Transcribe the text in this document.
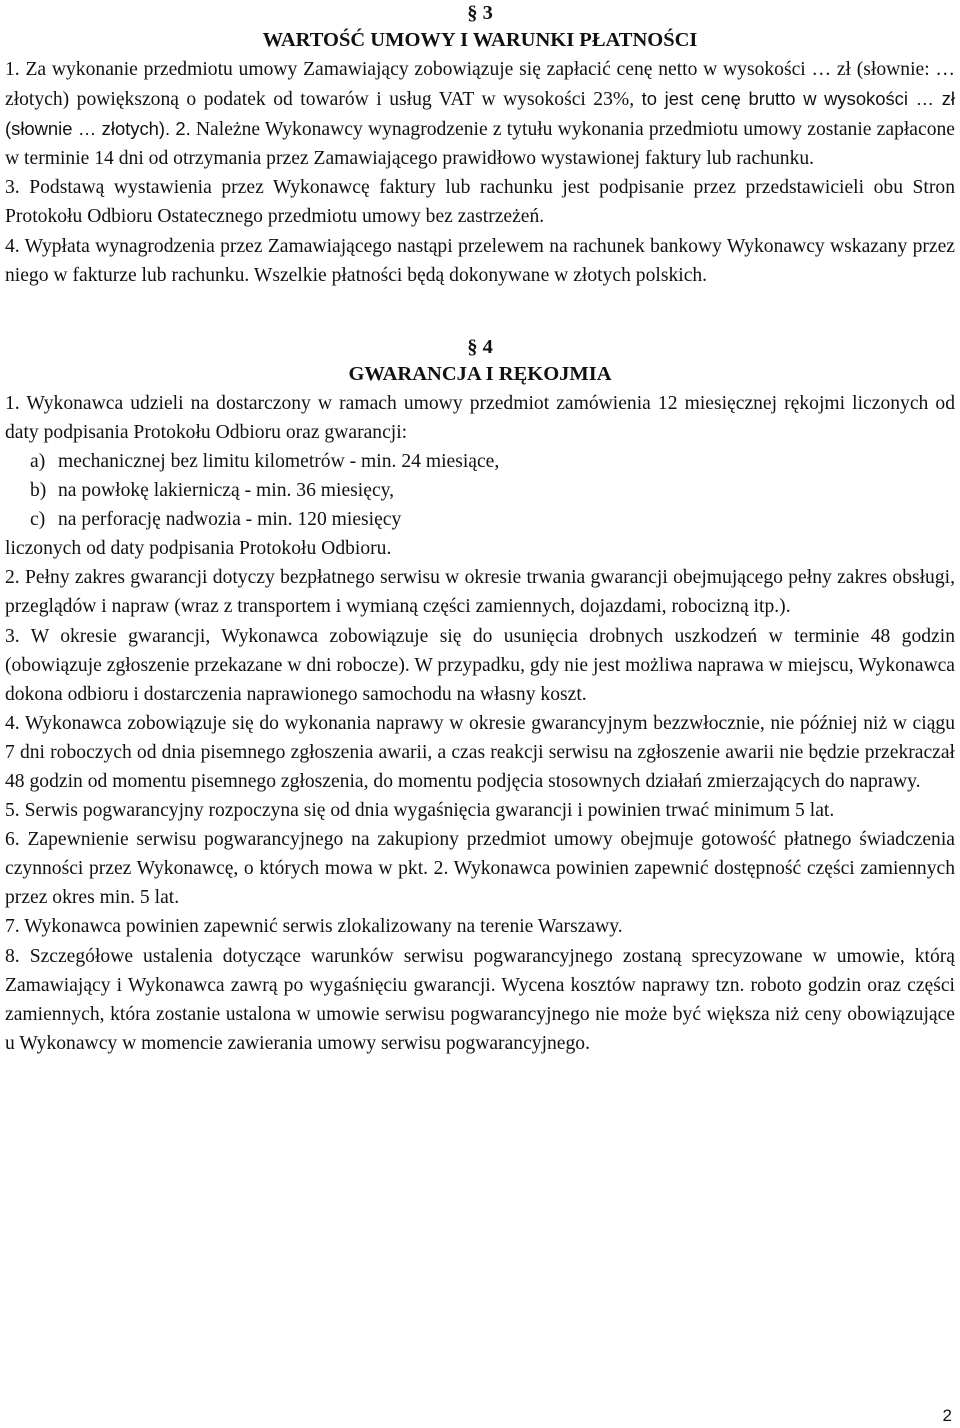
§ 3
WARTOŚĆ UMOWY I WARUNKI PŁATNOŚCI

1. Za wykonanie przedmiotu umowy Zamawiający zobowiązuje się zapłacić cenę netto w wysokości … zł (słownie: … złotych) powiększoną o podatek od towarów i usług VAT w wysokości 23%, to jest cenę brutto w wysokości … zł (słownie … złotych). 2. Należne Wykonawcy wynagrodzenie z tytułu wykonania przedmiotu umowy zostanie zapłacone w terminie 14 dni od otrzymania przez Zamawiającego prawidłowo wystawionej faktury lub rachunku.

3. Podstawą wystawienia przez Wykonawcę faktury lub rachunku jest podpisanie przez przedstawicieli obu Stron Protokołu Odbioru Ostatecznego przedmiotu umowy bez zastrzeżeń.

4. Wypłata wynagrodzenia przez Zamawiającego nastąpi przelewem na rachunek bankowy Wykonawcy wskazany przez niego w fakturze lub rachunku. Wszelkie płatności będą dokonywane w złotych polskich.

§ 4
GWARANCJA I RĘKOJMIA

1. Wykonawca udzieli na dostarczony w ramach umowy przedmiot zamówienia 12 miesięcznej rękojmi liczonych od daty podpisania Protokołu Odbioru oraz gwarancji:

a) mechanicznej bez limitu kilometrów - min. 24 miesiące,
b) na powłokę lakierniczą - min. 36 miesięcy,
c) na perforację nadwozia - min. 120 miesięcy

liczonych od daty podpisania Protokołu Odbioru.

2. Pełny zakres gwarancji dotyczy bezpłatnego serwisu w okresie trwania gwarancji obejmującego pełny zakres obsługi, przeglądów i napraw (wraz z transportem i wymianą części zamiennych, dojazdami, robocizną itp.).

3. W okresie gwarancji, Wykonawca zobowiązuje się do usunięcia drobnych uszkodzeń w terminie 48 godzin (obowiązuje zgłoszenie przekazane w dni robocze). W przypadku, gdy nie jest możliwa naprawa w miejscu, Wykonawca dokona odbioru i dostarczenia naprawionego samochodu na własny koszt.

4. Wykonawca zobowiązuje się do wykonania naprawy w okresie gwarancyjnym bezzwłocznie, nie później niż w ciągu 7 dni roboczych od dnia pisemnego zgłoszenia awarii, a czas reakcji serwisu na zgłoszenie awarii nie będzie przekraczał 48 godzin od momentu pisemnego zgłoszenia, do momentu podjęcia stosownych działań zmierzających do naprawy.

5. Serwis pogwarancyjny rozpoczyna się od dnia wygaśnięcia gwarancji i powinien trwać minimum 5 lat.

6. Zapewnienie serwisu pogwarancyjnego na zakupiony przedmiot umowy obejmuje gotowość płatnego świadczenia czynności przez Wykonawcę, o których mowa w pkt. 2. Wykonawca powinien zapewnić dostępność części zamiennych przez okres min. 5 lat.

7. Wykonawca powinien zapewnić serwis zlokalizowany na terenie Warszawy.

8. Szczegółowe ustalenia dotyczące warunków serwisu pogwarancyjnego zostaną sprecyzowane w umowie, którą Zamawiający i Wykonawca zawrą po wygaśnięciu gwarancji. Wycena kosztów naprawy tzn. roboto godzin oraz części zamiennych, która zostanie ustalona w umowie serwisu pogwarancyjnego nie może być większa niż ceny obowiązujące u Wykonawcy w momencie zawierania umowy serwisu pogwarancyjnego.

2
